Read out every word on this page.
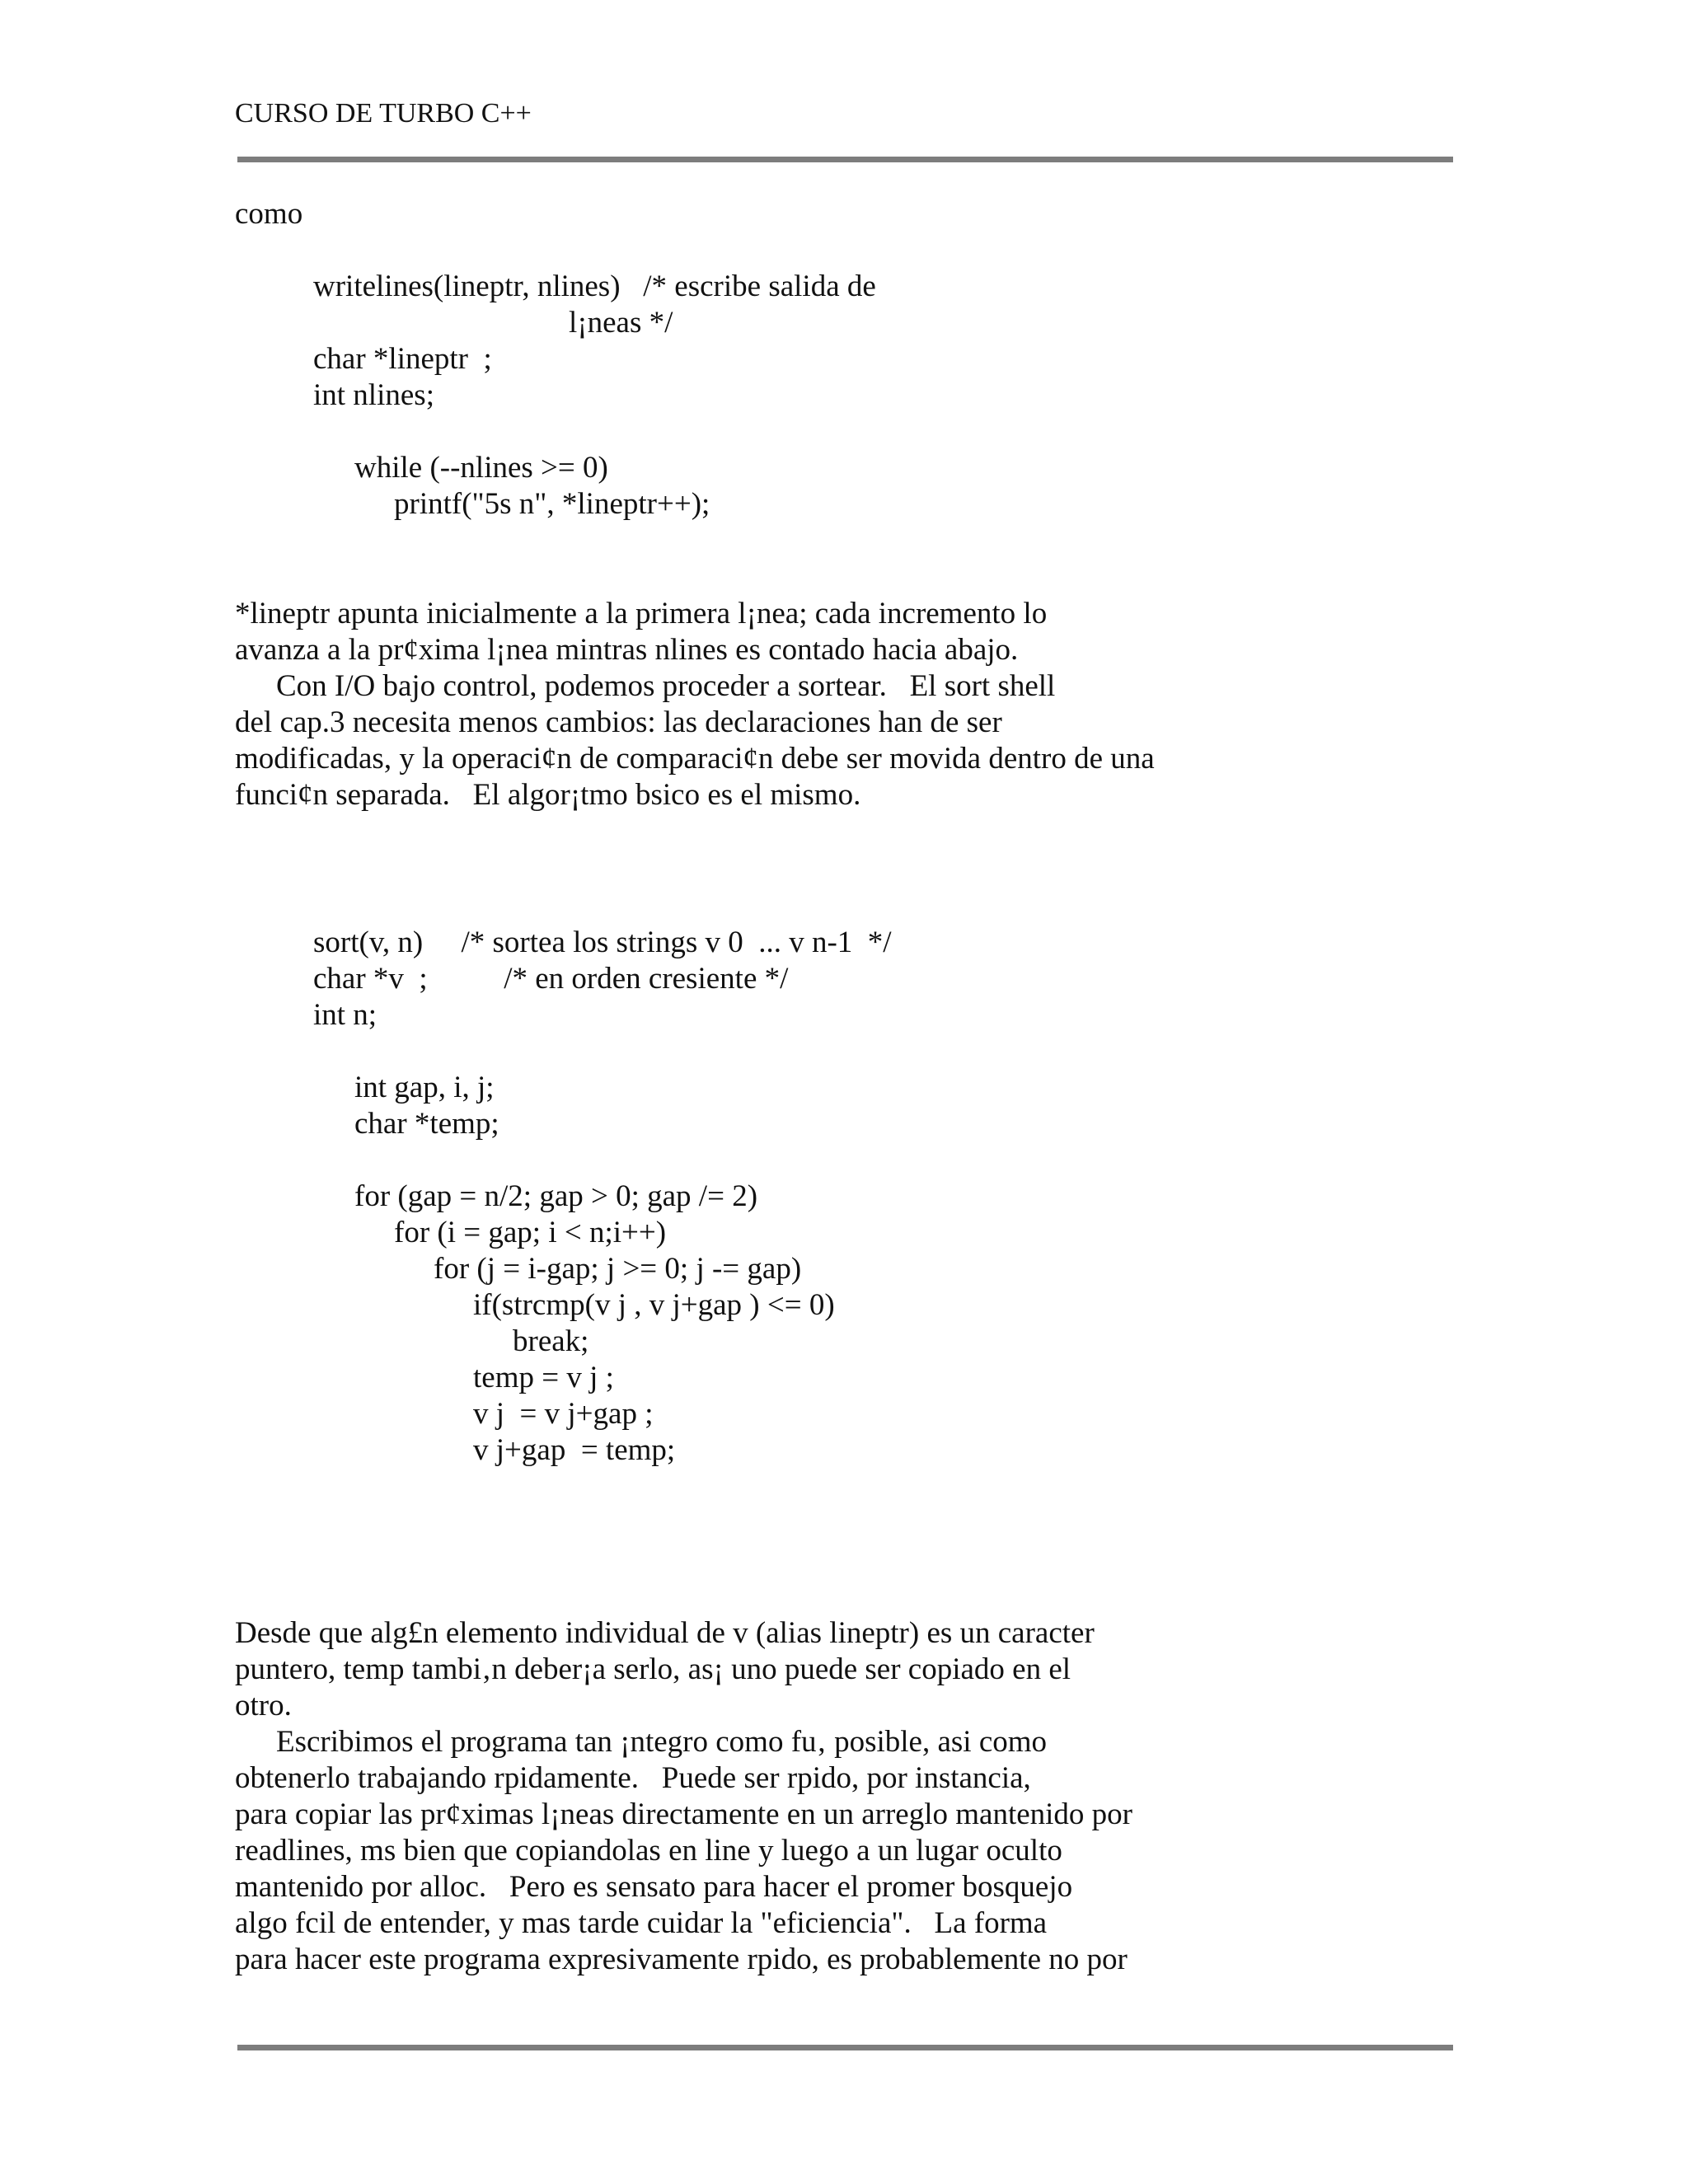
CURSO DE TURBO C++
como
writelines(lineptr, nlines)   /* escribe salida de
l¡neas */
char *lineptr  ;
int nlines;
while (--nlines >= 0)
printf("5s n", *lineptr++);
*lineptr apunta inicialmente a la primera l¡nea; cada incremento lo
avanza a la pr¢xima l¡nea mintras nlines es contado hacia abajo.
Con I/O bajo control, podemos proceder a sortear.   El sort shell
del cap.3 necesita menos cambios: las declaraciones han de ser
modificadas, y la operaci¢n de comparaci¢n debe ser movida dentro de una
funci¢n separada.   El algor¡tmo bsico es el mismo.
sort(v, n)     /* sortea los strings v 0  ... v n-1  */
char *v  ;          /* en orden cresiente */
int n;
int gap, i, j;
char *temp;
for (gap = n/2; gap > 0; gap /= 2)
for (i = gap; i < n;i++)
for (j = i-gap; j >= 0; j -= gap)
if(strcmp(v j , v j+gap ) <= 0)
break;
temp = v j ;
v j  = v j+gap ;
v j+gap  = temp;
Desde que alg£n elemento individual de v (alias lineptr) es un caracter
puntero, temp tambi‚n deber¡a serlo, as¡ uno puede ser copiado en el
otro.
Escribimos el programa tan ¡ntegro como fu‚ posible, asi como
obtenerlo trabajando rpidamente.   Puede ser rpido, por instancia,
para copiar las pr¢ximas l¡neas directamente en un arreglo mantenido por
readlines, ms bien que copiandolas en line y luego a un lugar oculto
mantenido por alloc.   Pero es sensato para hacer el promer bosquejo
algo fcil de entender, y mas tarde cuidar la "eficiencia".   La forma
para hacer este programa expresivamente rpido, es probablemente no por
